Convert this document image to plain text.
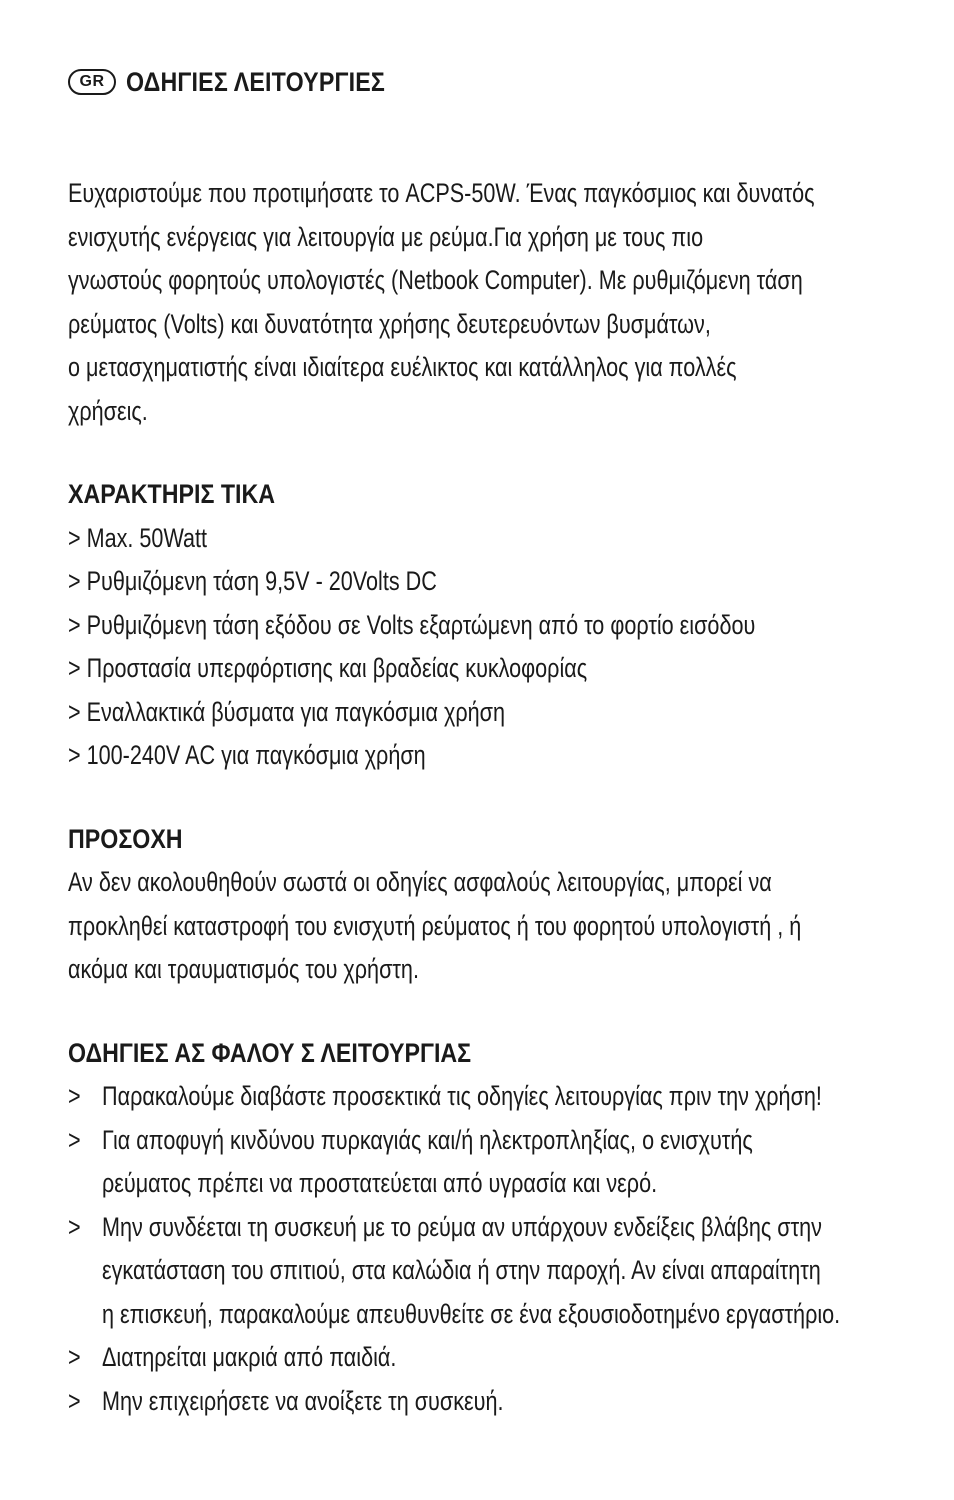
GR ΟΔΗΓΙΕΣ ΛΕΙΤΟΥΡΓΙΕΣ
Ευχαριστούμε που προτιμήσατε το ACPS-50W. Ένας παγκόσμιος και δυνατός
ενισχυτής ενέργειας για λειτουργία με ρεύμα.Για χρήση με τους πιο
γνωστούς φορητούς υπολογιστές (Netbook Computer). Με ρυθμιζόμενη τάση
ρεύματος (Volts) και δυνατότητα χρήσης δευτερευόντων βυσμάτων,
ο μετασχηματιστής είναι ιδιαίτερα ευέλικτος και κατάλληλος για πολλές
χρήσεις.
ΧΑΡΑΚΤΗΡΙΣ ΤΙΚΑ
> Max. 50Watt
> Ρυθμιζόμενη τάση 9,5V - 20Volts DC
> Ρυθμιζόμενη τάση εξόδου σε Volts εξαρτώμενη από το φορτίο εισόδου
> Προστασία υπερφόρτισης και βραδείας κυκλοφορίας
> Εναλλακτικά βύσματα για παγκόσμια χρήση
> 100-240V AC για παγκόσμια χρήση
ΠΡΟΣΟΧΗ
Αν δεν ακολουθηθούν σωστά οι οδηγίες ασφαλούς λειτουργίας, μπορεί να
προκληθεί καταστροφή του ενισχυτή ρεύματος ή του φορητού υπολογιστή , ή
ακόμα και τραυματισμός του χρήστη.
ΟΔΗΓΙΕΣ ΑΣ ΦΑΛΟΥ Σ ΛΕΙΤΟΥΡΓΙΑΣ
> Παρακαλούμε διαβάστε προσεκτικά τις οδηγίες λειτουργίας πριν την χρήση!
> Για αποφυγή κινδύνου πυρκαγιάς και/ή ηλεκτροπληξίας, ο ενισχυτής
ρεύματος πρέπει να προστατεύεται από υγρασία και νερό.
> Μην συνδέεται τη συσκευή με το ρεύμα αν υπάρχουν ενδείξεις βλάβης στην
εγκατάσταση του σπιτιού, στα καλώδια ή στην παροχή. Αν είναι απαραίτητη
η επισκευή, παρακαλούμε απευθυνθείτε σε ένα εξουσιοδοτημένο εργαστήριο.
> Διατηρείται μακριά από παιδιά.
> Μην επιχειρήσετε να ανοίξετε τη συσκευή.
